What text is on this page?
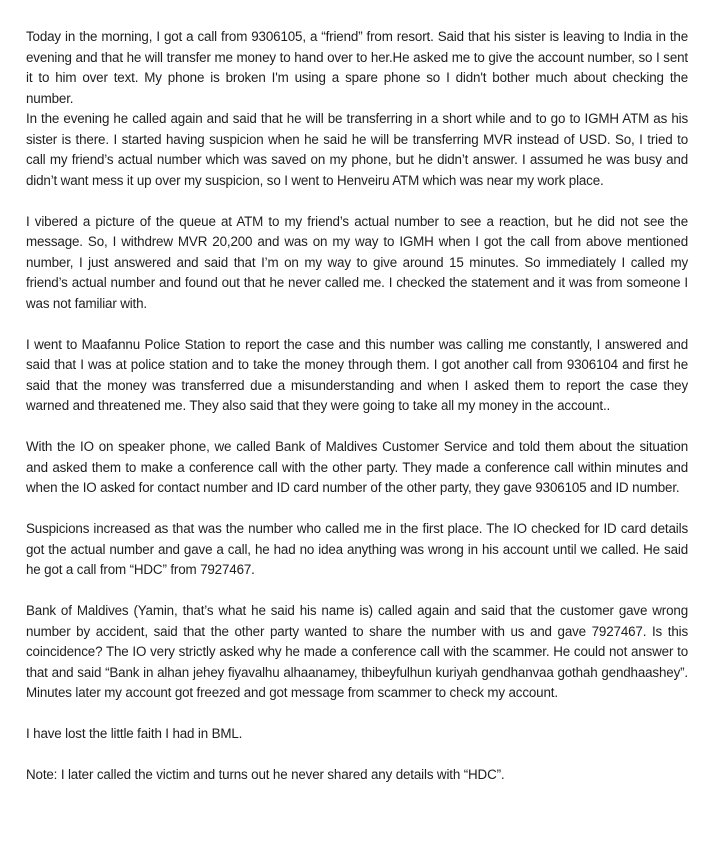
Today in the morning, I got a call from 9306105, a “friend” from resort. Said that his sister is leaving to India in the evening and that he will transfer me money to hand over to her.He asked me to give the account number, so I sent it to him over text. My phone is broken I'm using a spare phone so I didn't bother much about checking the number.

In the evening he called again and said that he will be transferring in a short while and to go to IGMH ATM as his sister is there. I started having suspicion when he said he will be transferring MVR instead of USD. So, I tried to call my friend’s actual number which was saved on my phone, but he didn’t answer. I assumed he was busy and didn’t want mess it up over my suspicion, so I went to Henveiru ATM which was near my work place.

I vibered a picture of the queue at ATM to my friend’s actual number to see a reaction, but he did not see the message. So, I withdrew MVR 20,200 and was on my way to IGMH when I got the call from above mentioned number, I just answered and said that I’m on my way to give around 15 minutes. So immediately I called my friend’s actual number and found out that he never called me. I checked the statement and it was from someone I was not familiar with.

I went to Maafannu Police Station to report the case and this number was calling me constantly, I answered and said that I was at police station and to take the money through them. I got another call from 9306104 and first he said that the money was transferred due a misunderstanding and when I asked them to report the case they warned and threatened me. They also said that they were going to take all my money in the account..

With the IO on speaker phone, we called Bank of Maldives Customer Service and told them about the situation and asked them to make a conference call with the other party. They made a conference call within minutes and when the IO asked for contact number and ID card number of the other party, they gave 9306105 and ID number.

Suspicions increased as that was the number who called me in the first place. The IO checked for ID card details got the actual number and gave a call, he had no idea anything was wrong in his account until we called. He said he got a call from “HDC” from 7927467.

Bank of Maldives (Yamin, that’s what he said his name is) called again and said that the customer gave wrong number by accident, said that the other party wanted to share the number with us and gave 7927467. Is this coincidence? The IO very strictly asked why he made a conference call with the scammer. He could not answer to that and said “Bank in alhan jehey fiyavalhu alhaanamey, thibeyfulhun kuriyah gendhanvaa gothah gendhaashey”. Minutes later my account got freezed and got message from scammer to check my account.

I have lost the little faith I had in BML.

Note: I later called the victim and turns out he never shared any details with “HDC”.
